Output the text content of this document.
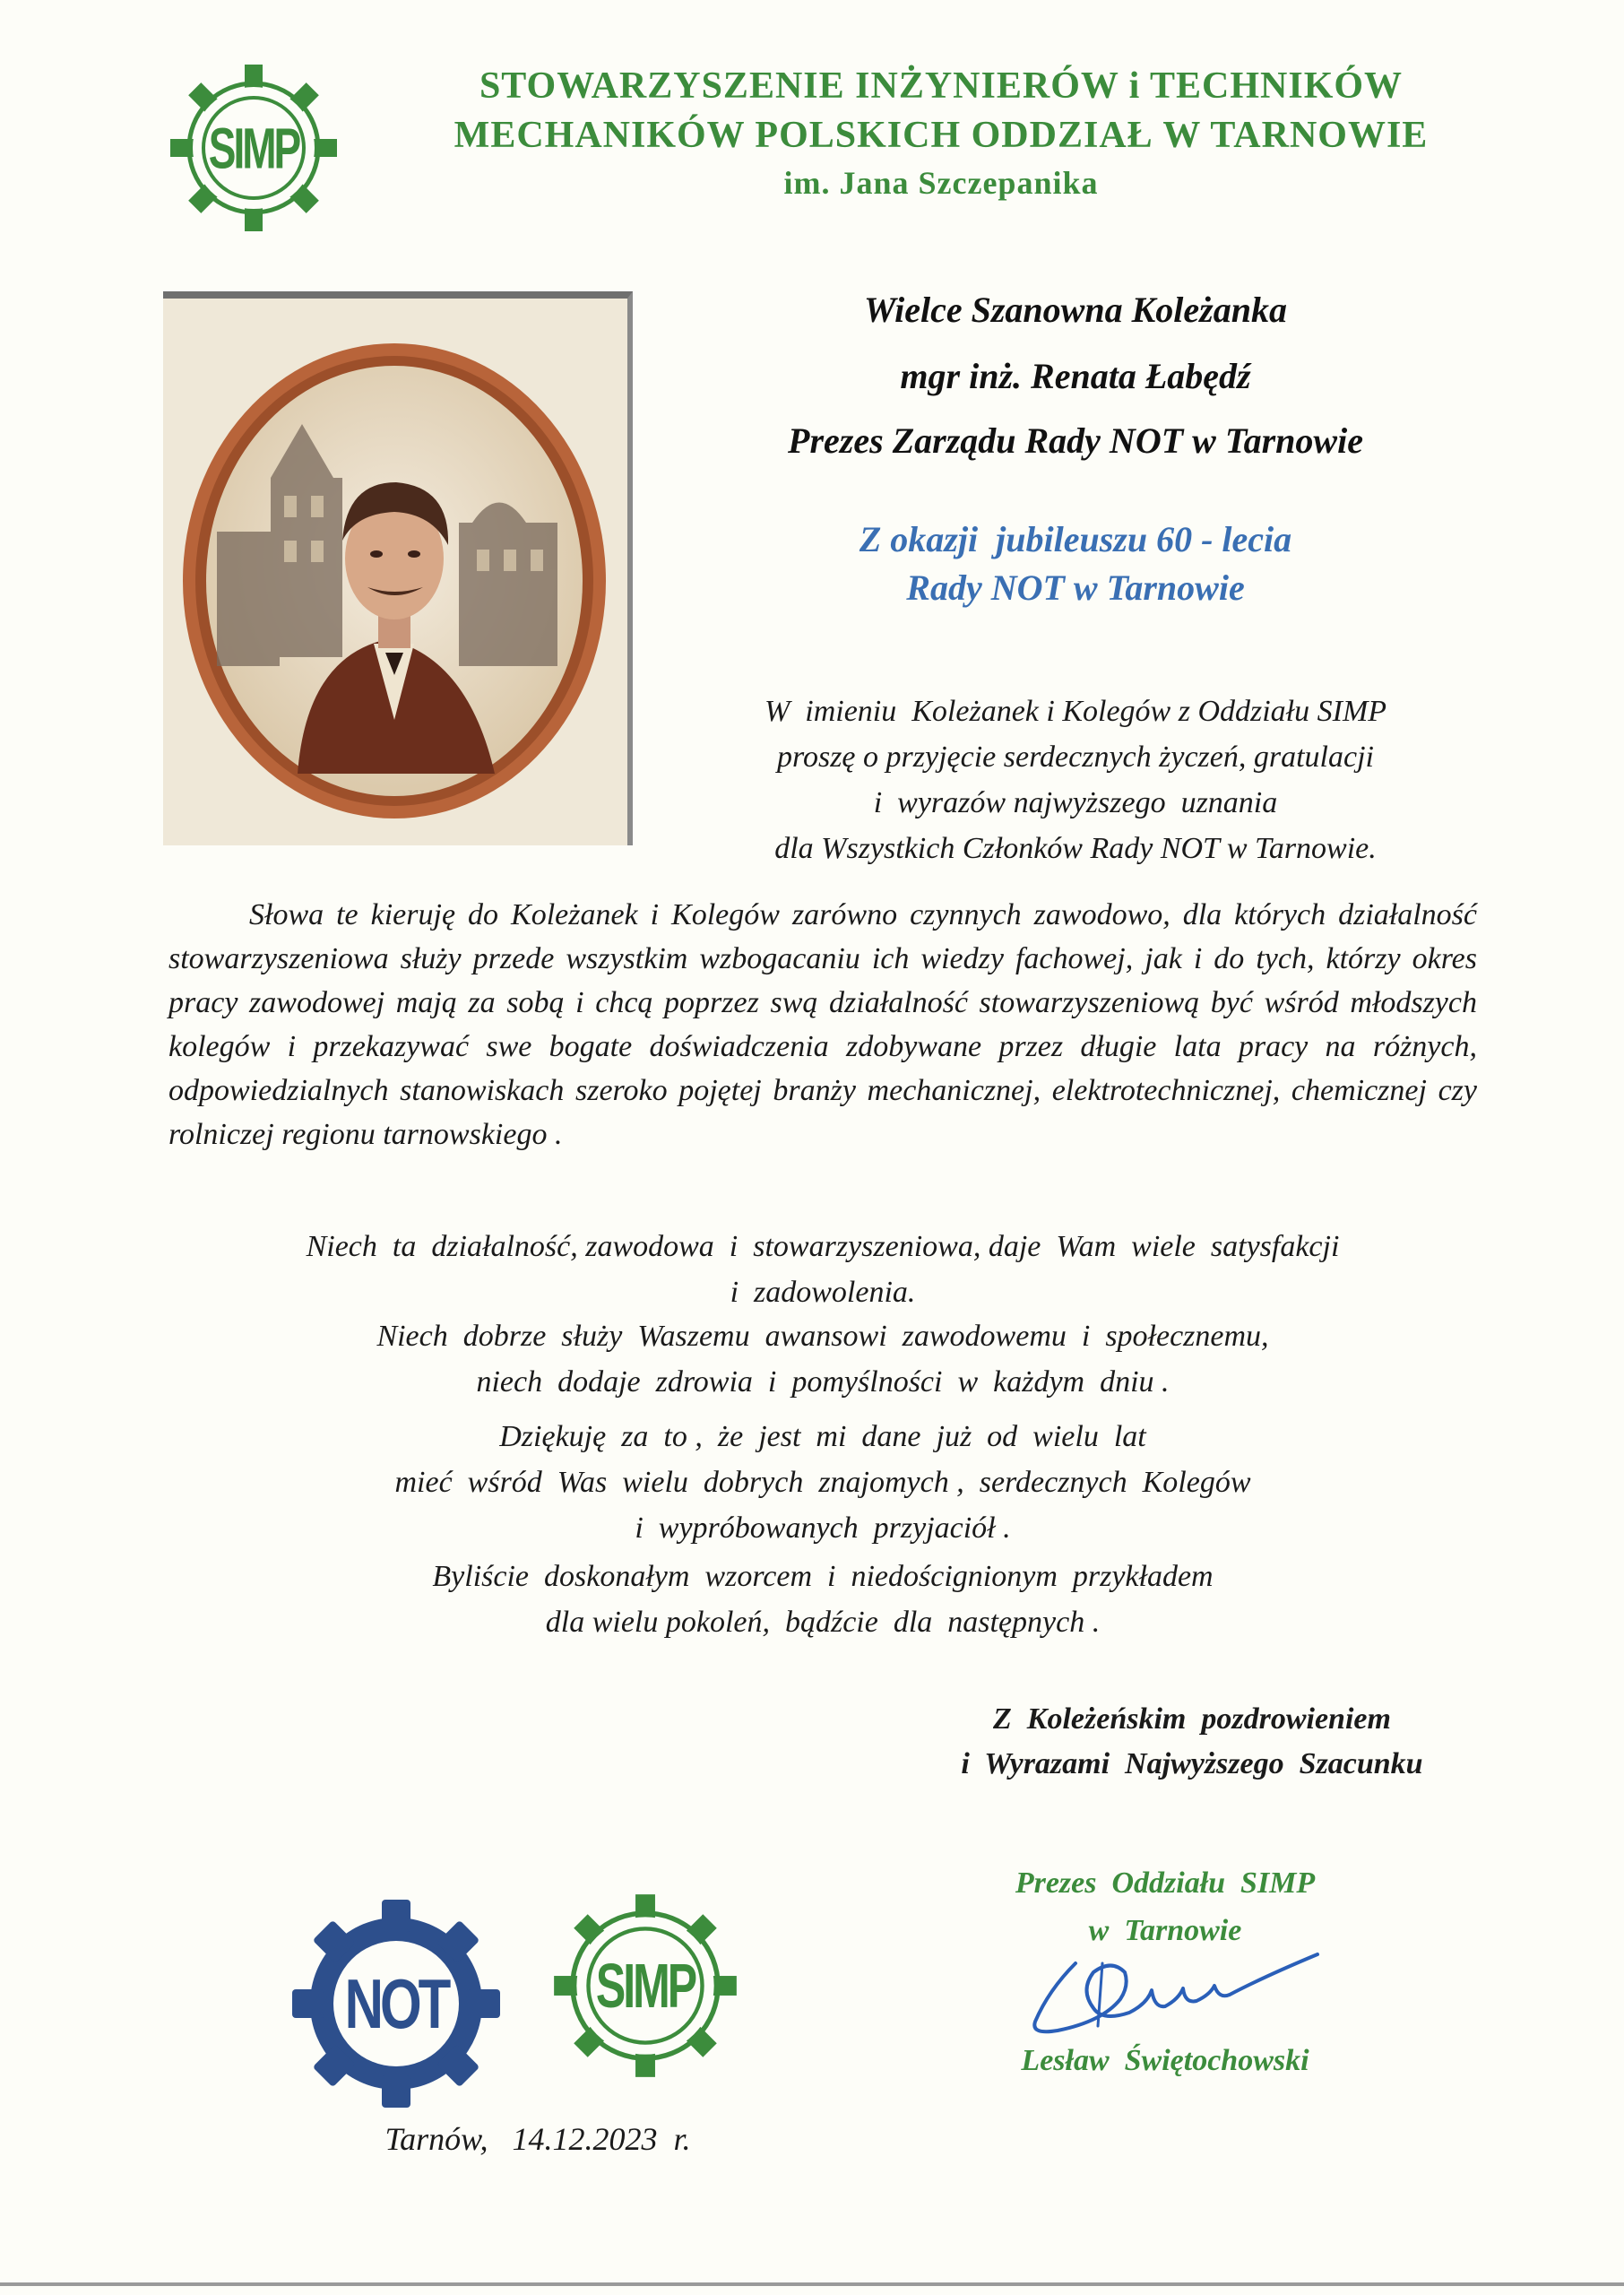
SIMP
STOWARZYSZENIE INŻYNIERÓW i TECHNIKÓW
MECHANIKÓW POLSKICH ODDZIAŁ W TARNOWIE
im. Jana Szczepanika
Wielce Szanowna Koleżanka
mgr inż. Renata Łabędź
Prezes Zarządu Rady NOT w Tarnowie
Z okazji  jubileuszu 60 - lecia
Rady NOT w Tarnowie
W  imieniu  Koleżanek i Kolegów z Oddziału SIMP
proszę o przyjęcie serdecznych życzeń, gratulacji
i  wyrazów najwyższego  uznania
dla Wszystkich Członków Rady NOT w Tarnowie.
Słowa te kieruję do Koleżanek i Kolegów zarówno czynnych zawodowo, dla których działalność stowarzyszeniowa służy przede wszystkim wzbogacaniu ich wiedzy fachowej, jak i do tych, którzy okres pracy zawodowej mają za sobą i chcą poprzez swą działalność stowarzyszeniową być wśród młodszych kolegów i przekazywać swe bogate doświadczenia zdobywane przez długie lata pracy na różnych, odpowiedzialnych stanowiskach szeroko pojętej branży mechanicznej, elektrotechnicznej, chemicznej czy rolniczej regionu tarnowskiego .
Niech  ta  działalność, zawodowa  i  stowarzyszeniowa, daje  Wam  wiele  satysfakcji
i  zadowolenia.
Niech  dobrze  służy  Waszemu  awansowi  zawodowemu  i  społecznemu,
niech  dodaje  zdrowia  i  pomyślności  w  każdym  dniu .
Dziękuję  za  to ,  że  jest  mi  dane  już  od  wielu  lat
mieć  wśród  Was  wielu  dobrych  znajomych ,  serdecznych  Kolegów
i  wypróbowanych  przyjaciół .
Byliście  doskonałym  wzorcem  i  niedoścignionym  przykładem
dla wielu pokoleń,  bądźcie  dla  następnych .
Z  Koleżeńskim  pozdrowieniem
i  Wyrazami  Najwyższego  Szacunku
NOT	SIMP
Prezes  Oddziału  SIMP
w  Tarnowie
Lesław  Świętochowski
Tarnów,   14.12.2023  r.
